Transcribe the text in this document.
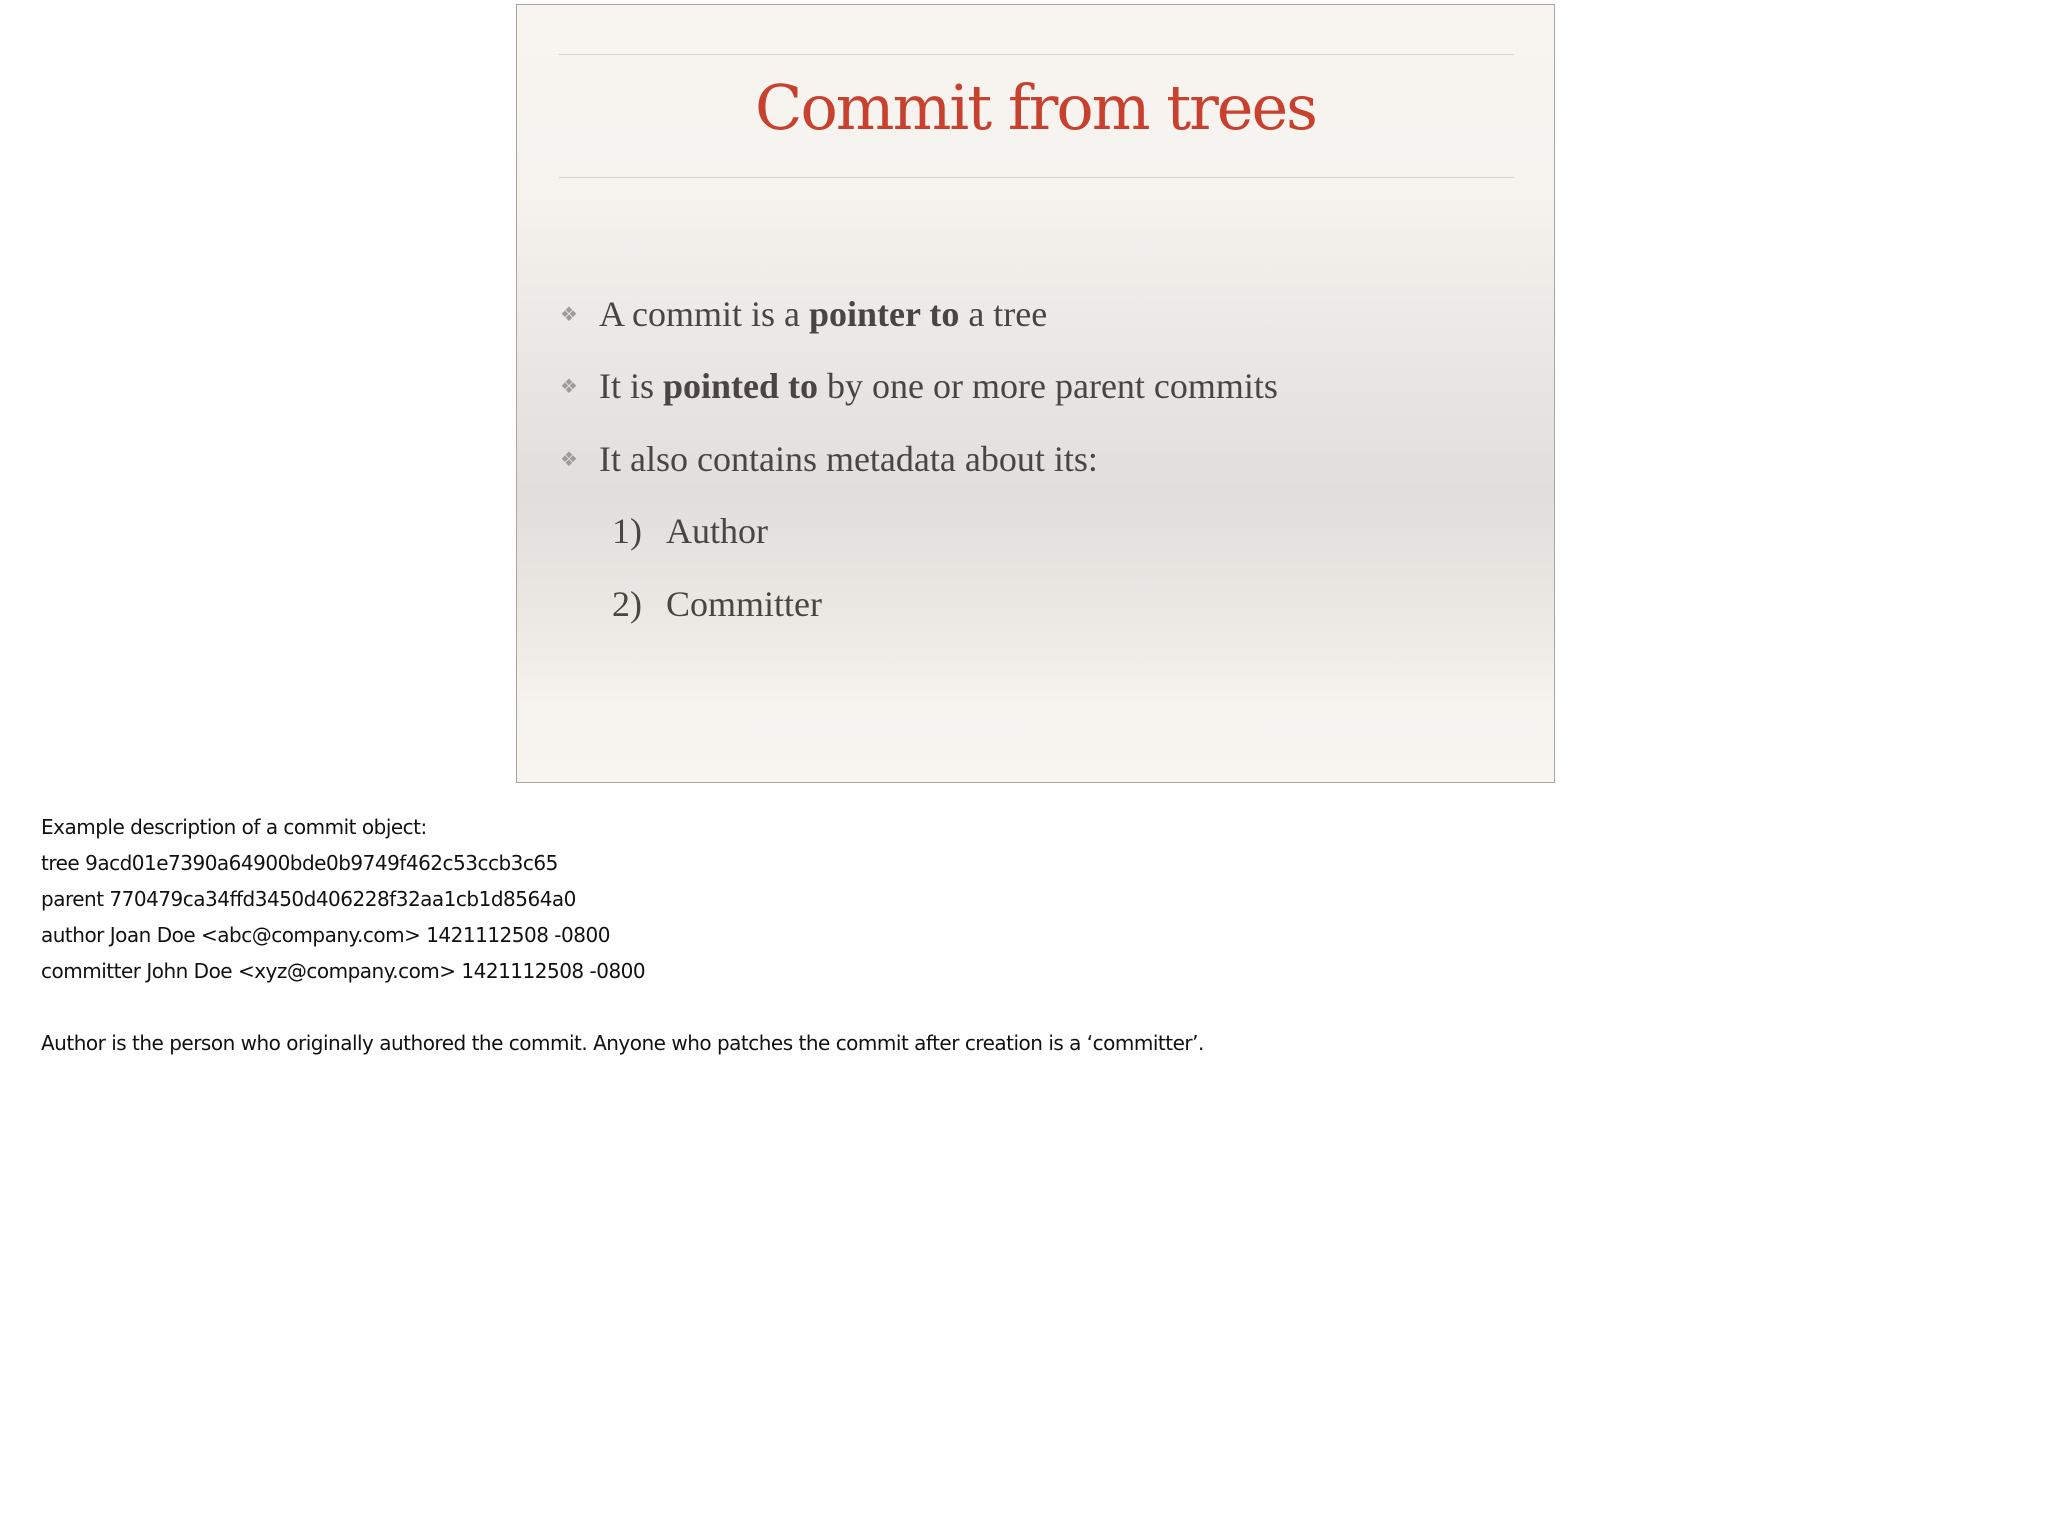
Commit from trees
❖ A commit is a pointer to a tree
❖ It is pointed to by one or more parent commits
❖ It also contains metadata about its:
1) Author
2) Committer
Example description of a commit object:
tree 9acd01e7390a64900bde0b9749f462c53ccb3c65
parent 770479ca34ffd3450d406228f32aa1cb1d8564a0
author Joan Doe <abc@company.com> 1421112508 -0800
committer John Doe <xyz@company.com> 1421112508 -0800
Author is the person who originally authored the commit. Anyone who patches the commit after creation is a ‘committer’.
